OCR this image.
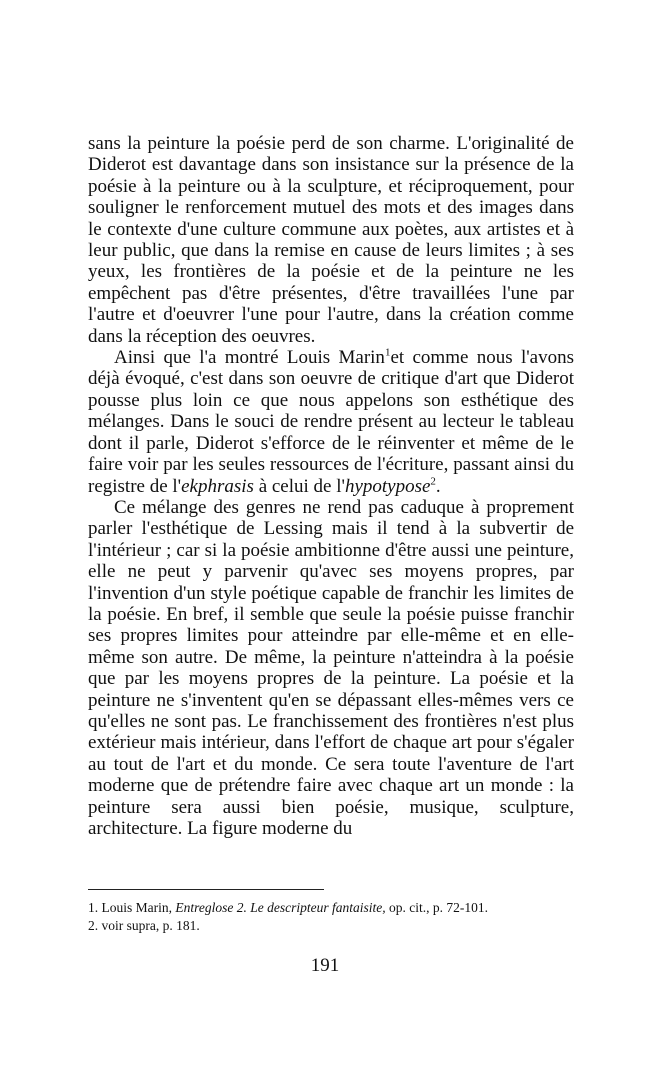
sans la peinture la poésie perd de son charme. L'originalité de Diderot est davantage dans son insistance sur la présence de la poésie à la peinture ou à la sculpture, et réciproquement, pour souligner le renforcement mutuel des mots et des images dans le contexte d'une culture commune aux poètes, aux artistes et à leur public, que dans la remise en cause de leurs limites ; à ses yeux, les frontières de la poésie et de la peinture ne les empêchent pas d'être présentes, d'être travaillées l'une par l'autre et d'oeuvrer l'une pour l'autre, dans la création comme dans la réception des oeuvres.

Ainsi que l'a montré Louis Marin$^1$et comme nous l'avons déjà évoqué, c'est dans son oeuvre de critique d'art que Diderot pousse plus loin ce que nous appelons son esthétique des mélanges. Dans le souci de rendre présent au lecteur le tableau dont il parle, Diderot s'efforce de le réinventer et même de le faire voir par les seules ressources de l'écriture, passant ainsi du registre de l'ekphrasis à celui de l'hypotypose$^2$.

Ce mélange des genres ne rend pas caduque à proprement parler l'esthétique de Lessing mais il tend à la subvertir de l'intérieur ; car si la poésie ambitionne d'être aussi une peinture, elle ne peut y parvenir qu'avec ses moyens propres, par l'invention d'un style poétique capable de franchir les limites de la poésie. En bref, il semble que seule la poésie puisse franchir ses propres limites pour atteindre par elle-même et en elle-même son autre. De même, la peinture n'atteindra à la poésie que par les moyens propres de la peinture. La poésie et la peinture ne s'inventent qu'en se dépassant elles-mêmes vers ce qu'elles ne sont pas. Le franchissement des frontières n'est plus extérieur mais intérieur, dans l'effort de chaque art pour s'égaler au tout de l'art et du monde. Ce sera toute l'aventure de l'art moderne que de prétendre faire avec chaque art un monde : la peinture sera aussi bien poésie, musique, sculpture, architecture. La figure moderne du

1. Louis Marin, Entreglose 2. Le descripteur fantaisite, op. cit., p. 72-101.
2. voir supra, p. 181.
191
